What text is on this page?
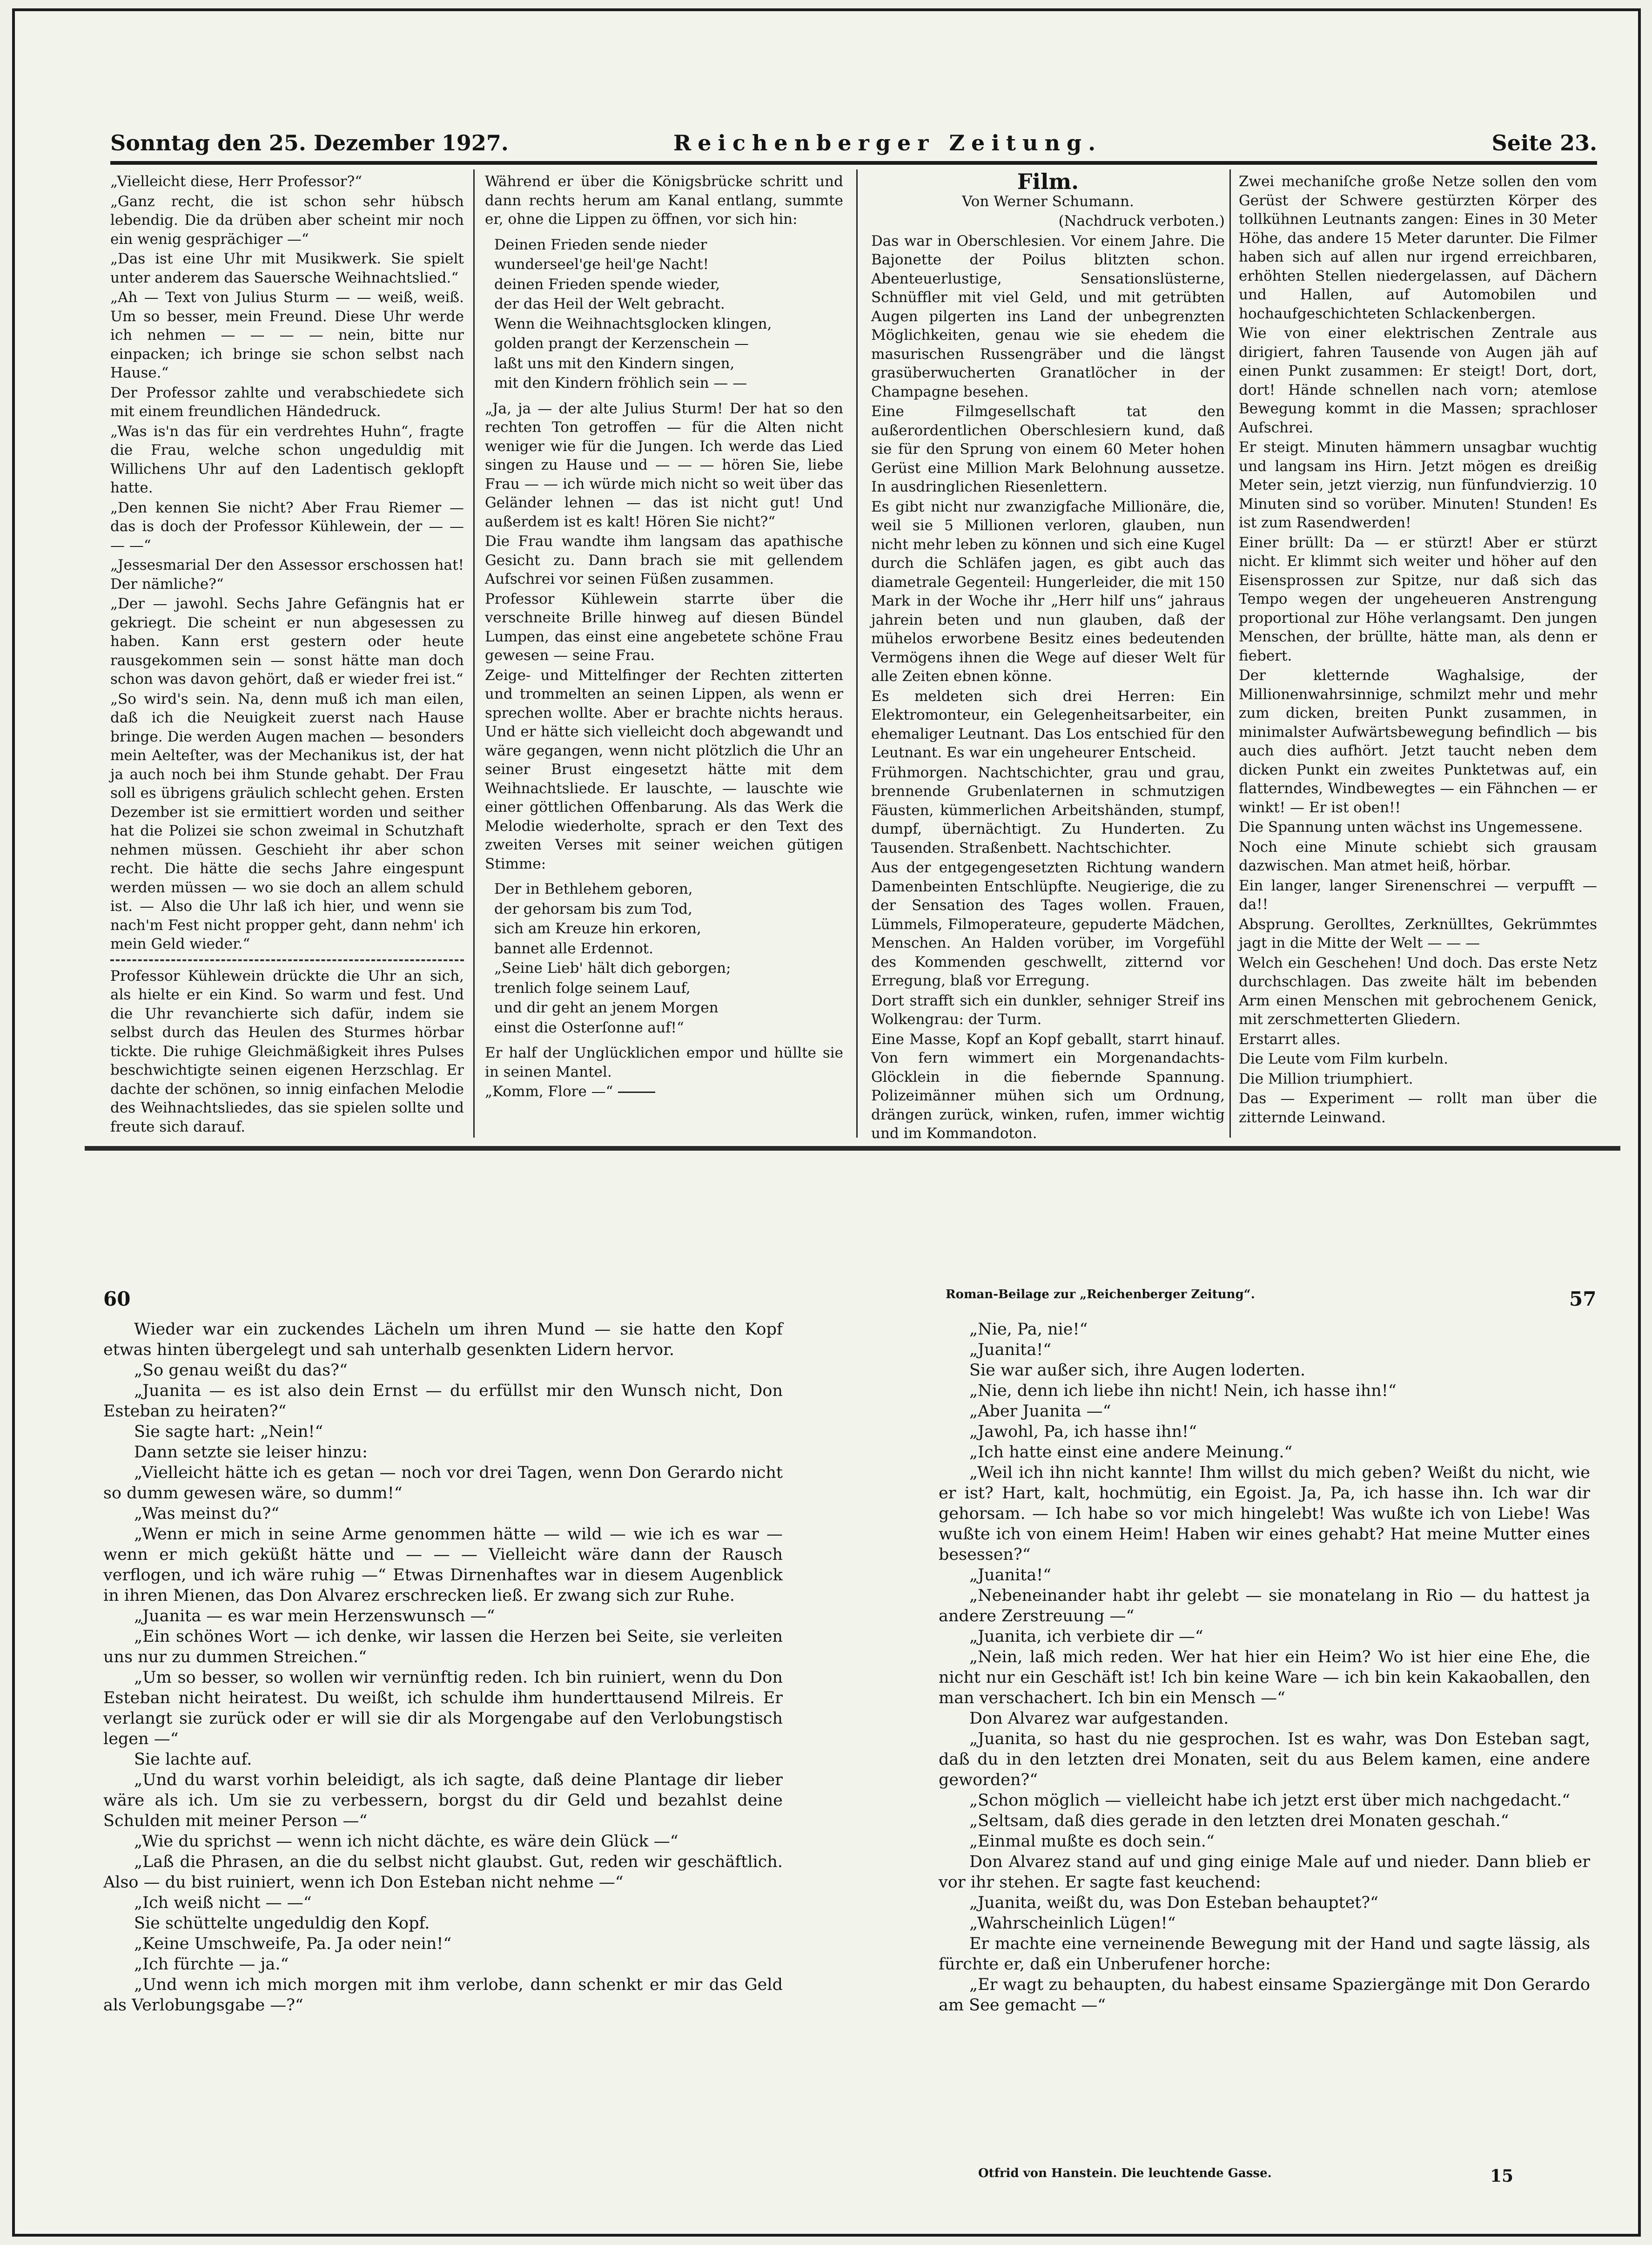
Sonntag den 25. Dezember 1927.	Reichenberger Zeitung.	Seite 23.

„Vielleicht diese, Herr Professor?“

„Ganz recht, die ist schon sehr hübsch lebendig. Die da drüben aber scheint mir noch ein wenig gesprächiger —“

„Das ist eine Uhr mit Musikwerk. Sie spielt unter anderem das Sauersche Weihnachtslied.“

„Ah — Text von Julius Sturm — — weiß, weiß. Um so besser, mein Freund. Diese Uhr werde ich nehmen — — — — nein, bitte nur einpacken; ich bringe sie schon selbst nach Hause.“

Der Professor zahlte und verabschiedete sich mit einem freundlichen Händedruck.

„Was is'n das für ein verdrehtes Huhn“, fragte die Frau, welche schon ungeduldig mit Willichens Uhr auf den Ladentisch geklopft hatte.

„Den kennen Sie nicht? Aber Frau Riemer — das is doch der Professor Kühlewein, der — — — —“

„Jessesmarial Der den Assessor erschossen hat! Der nämliche?“

„Der — jawohl. Sechs Jahre Gefängnis hat er gekriegt. Die scheint er nun abgesessen zu haben. Kann erst gestern oder heute rausgekommen sein — sonst hätte man doch schon was davon gehört, daß er wieder frei ist.“

„So wird's sein. Na, denn muß ich man eilen, daß ich die Neuigkeit zuerst nach Hause bringe. Die werden Augen machen — besonders mein Aelteſter, was der Mechanikus ist, der hat ja auch noch bei ihm Stunde gehabt. Der Frau soll es übrigens gräulich schlecht gehen. Ersten Dezember ist sie ermittiert worden und seither hat die Polizei sie schon zweimal in Schutzhaft nehmen müssen. Geschieht ihr aber schon recht. Die hätte die sechs Jahre eingespunt werden müssen — wo sie doch an allem schuld ist. — Also die Uhr laß ich hier, und wenn sie nach'm Fest nicht propper geht, dann nehm' ich mein Geld wieder.“

Professor Kühlewein drückte die Uhr an sich, als hielte er ein Kind. So warm und fest. Und die Uhr revanchierte sich dafür, indem sie selbst durch das Heulen des Sturmes hörbar tickte. Die ruhige Gleichmäßigkeit ihres Pulses beschwichtigte seinen eigenen Herzschlag. Er dachte der schönen, so innig einfachen Melodie des Weihnachtsliedes, das sie spielen sollte und freute sich darauf.

Während er über die Königsbrücke schritt und dann rechts herum am Kanal entlang, summte er, ohne die Lippen zu öffnen, vor sich hin:

Deinen Frieden sende nieder

wunderseel'ge heil'ge Nacht!

deinen Frieden spende wieder,

der das Heil der Welt gebracht.

Wenn die Weihnachtsglocken klingen,

golden prangt der Kerzenschein —

laßt uns mit den Kindern singen,

mit den Kindern fröhlich sein — —

„Ja, ja — der alte Julius Sturm! Der hat so den rechten Ton getroffen — für die Alten nicht weniger wie für die Jungen. Ich werde das Lied singen zu Hause und — — — hören Sie, liebe Frau — — ich würde mich nicht so weit über das Geländer lehnen — das ist nicht gut! Und außerdem ist es kalt! Hören Sie nicht?“

Die Frau wandte ihm langsam das apathische Gesicht zu. Dann brach sie mit gellendem Aufschrei vor seinen Füßen zusammen.

Professor Kühlewein starrte über die verschneite Brille hinweg auf diesen Bündel Lumpen, das einst eine angebetete schöne Frau gewesen — seine Frau.

Zeige- und Mittelfinger der Rechten zitterten und trommelten an seinen Lippen, als wenn er sprechen wollte. Aber er brachte nichts heraus. Und er hätte sich vielleicht doch abgewandt und wäre gegangen, wenn nicht plötzlich die Uhr an seiner Brust eingesetzt hätte mit dem Weihnachtsliede. Er lauschte, — lauschte wie einer göttlichen Offenbarung. Als das Werk die Melodie wiederholte, sprach er den Text des zweiten Verses mit seiner weichen gütigen Stimme:

Der in Bethlehem geboren,

der gehorsam bis zum Tod,

sich am Kreuze hin erkoren,

bannet alle Erdennot.

„Seine Lieb' hält dich geborgen;

trenlich folge seinem Lauf,

und dir geht an jenem Morgen

einst die Osterſonne auf!“

Er half der Unglücklichen empor und hüllte sie in seinen Mantel.

„Komm, Flore —“

Film.

Von Werner Schumann.

(Nachdruck verboten.)

Das war in Oberschlesien. Vor einem Jahre. Die Bajonette der Poilus blitzten schon. Abenteuerlustige, Sensationslüsterne, Schnüffler mit viel Geld, und mit getrübten Augen pilgerten ins Land der unbegrenzten Möglichkeiten, genau wie sie ehedem die masurischen Russengräber und die längst grasüberwucherten Granatlöcher in der Champagne besehen.

Eine Filmgesellschaft tat den außerordentlichen Oberschlesiern kund, daß sie für den Sprung von einem 60 Meter hohen Gerüst eine Million Mark Belohnung aussetze. In ausdringlichen Riesenlettern.

Es gibt nicht nur zwanzigfache Millionäre, die, weil sie 5 Millionen verloren, glauben, nun nicht mehr leben zu können und sich eine Kugel durch die Schläfen jagen, es gibt auch das diametrale Gegenteil: Hungerleider, die mit 150 Mark in der Woche ihr „Herr hilf uns“ jahraus jahrein beten und nun glauben, daß der mühelos erworbene Besitz eines bedeutenden Vermögens ihnen die Wege auf dieser Welt für alle Zeiten ebnen könne.

Es meldeten sich drei Herren: Ein Elektromonteur, ein Gelegenheitsarbeiter, ein ehemaliger Leutnant. Das Los entschied für den Leutnant. Es war ein ungeheurer Entscheid.

Frühmorgen. Nachtschichter, grau und grau, brennende Grubenlaternen in schmutzigen Fäusten, kümmerlichen Arbeitshänden, stumpf, dumpf, übernächtigt. Zu Hunderten. Zu Tausenden. Straßenbett. Nachtschichter.

Aus der entgegengesetzten Richtung wandern Damenbeinten Entschlüpfte. Neugierige, die zu der Sensation des Tages wollen. Frauen, Lümmels, Filmoperateure, gepuderte Mädchen, Menschen. An Halden vorüber, im Vorgefühl des Kommenden geschwellt, zitternd vor Erregung, blaß vor Erregung.

Dort strafft sich ein dunkler, sehniger Streif ins Wolkengrau: der Turm.

Eine Masse, Kopf an Kopf geballt, starrt hinauf. Von fern wimmert ein Morgenandachts-Glöcklein in die fiebernde Spannung. Polizeimänner mühen sich um Ordnung, drängen zurück, winken, rufen, immer wichtig und im Kommandoton.

Zwei mechaniſche große Netze sollen den vom Gerüst der Schwere gestürzten Körper des tollkühnen Leutnants zangen: Eines in 30 Meter Höhe, das andere 15 Meter darunter. Die Filmer haben sich auf allen nur irgend erreichbaren, erhöhten Stellen niedergelassen, auf Dächern und Hallen, auf Automobilen und hochaufgeschichteten Schlackenbergen.

Wie von einer elektrischen Zentrale aus dirigiert, fahren Tausende von Augen jäh auf einen Punkt zusammen: Er steigt! Dort, dort, dort! Hände schnellen nach vorn; atemlose Bewegung kommt in die Massen; sprachloser Aufschrei.

Er steigt. Minuten hämmern unsagbar wuchtig und langsam ins Hirn. Jetzt mögen es dreißig Meter sein, jetzt vierzig, nun fünfundvierzig. 10 Minuten sind so vorüber. Minuten! Stunden! Es ist zum Rasendwerden!

Einer brüllt: Da — er stürzt! Aber er stürzt nicht. Er klimmt sich weiter und höher auf den Eisensprossen zur Spitze, nur daß sich das Tempo wegen der ungeheueren Anstrengung proportional zur Höhe verlangsamt. Den jungen Menschen, der brüllte, hätte man, als denn er fiebert.

Der kletternde Waghalsige, der Millionenwahrsinnige, schmilzt mehr und mehr zum dicken, breiten Punkt zusammen, in minimalster Aufwärtsbewegung befindlich — bis auch dies aufhört. Jetzt taucht neben dem dicken Punkt ein zweites Punktetwas auf, ein flatterndes, Windbewegtes — ein Fähnchen — er winkt! — Er ist oben!!

Die Spannung unten wächst ins Ungemessene.

Noch eine Minute schiebt sich grausam dazwischen. Man atmet heiß, hörbar.

Ein langer, langer Sirenenschrei — verpufft — da!!

Absprung. Gerolltes, Zerknülltes, Gekrümmtes jagt in die Mitte der Welt — — —

Welch ein Geschehen! Und doch. Das erste Netz durchschlagen. Das zweite hält im bebenden Arm einen Menschen mit gebrochenem Genick, mit zerschmetterten Gliedern.

Erstarrt alles.

Die Leute vom Film kurbeln.

Die Million triumphiert.

Das — Experiment — rollt man über die zitternde Leinwand.

60	Roman-Beilage zur „Reichenberger Zeitung“.	57

Wieder war ein zuckendes Lächeln um ihren Mund — sie hatte den Kopf etwas hinten übergelegt und sah unterhalb gesenkten Lidern hervor.

„So genau weißt du das?“

„Juanita — es ist also dein Ernst — du erfüllst mir den Wunsch nicht, Don Esteban zu heiraten?“

Sie sagte hart: „Nein!“

Dann setzte sie leiser hinzu:

„Vielleicht hätte ich es getan — noch vor drei Tagen, wenn Don Gerardo nicht so dumm gewesen wäre, so dumm!“

„Was meinst du?“

„Wenn er mich in seine Arme genommen hätte — wild — wie ich es war — wenn er mich geküßt hätte und — — — Vielleicht wäre dann der Rausch verflogen, und ich wäre ruhig —“ Etwas Dirnenhaftes war in diesem Augenblick in ihren Mienen, das Don Alvarez erschrecken ließ. Er zwang sich zur Ruhe.

„Juanita — es war mein Herzenswunsch —“

„Ein schönes Wort — ich denke, wir lassen die Herzen bei Seite, sie verleiten uns nur zu dummen Streichen.“

„Um so besser, so wollen wir vernünftig reden. Ich bin ruiniert, wenn du Don Esteban nicht heiratest. Du weißt, ich schulde ihm hunderttausend Milreis. Er verlangt sie zurück oder er will sie dir als Morgengabe auf den Verlobungstisch legen —“

Sie lachte auf.

„Und du warst vorhin beleidigt, als ich sagte, daß deine Plantage dir lieber wäre als ich. Um sie zu verbessern, borgst du dir Geld und bezahlst deine Schulden mit meiner Person —“

„Wie du sprichst — wenn ich nicht dächte, es wäre dein Glück —“

„Laß die Phrasen, an die du selbst nicht glaubst. Gut, reden wir geschäftlich. Also — du bist ruiniert, wenn ich Don Esteban nicht nehme —“

„Ich weiß nicht — —“

Sie schüttelte ungeduldig den Kopf.

„Keine Umschweife, Pa. Ja oder nein!“

„Ich fürchte — ja.“

„Und wenn ich mich morgen mit ihm verlobe, dann schenkt er mir das Geld als Verlobungsgabe —?“

„Nie, Pa, nie!“

„Juanita!“

Sie war außer sich, ihre Augen loderten.

„Nie, denn ich liebe ihn nicht! Nein, ich hasse ihn!“

„Aber Juanita —“

„Jawohl, Pa, ich hasse ihn!“

„Ich hatte einst eine andere Meinung.“

„Weil ich ihn nicht kannte! Ihm willst du mich geben? Weißt du nicht, wie er ist? Hart, kalt, hochmütig, ein Egoist. Ja, Pa, ich hasse ihn. Ich war dir gehorsam. — Ich habe so vor mich hingelebt! Was wußte ich von Liebe! Was wußte ich von einem Heim! Haben wir eines gehabt? Hat meine Mutter eines besessen?“

„Juanita!“

„Nebeneinander habt ihr gelebt — sie monatelang in Rio — du hattest ja andere Zerstreuung —“

„Juanita, ich verbiete dir —“

„Nein, laß mich reden. Wer hat hier ein Heim? Wo ist hier eine Ehe, die nicht nur ein Geschäft ist! Ich bin keine Ware — ich bin kein Kakaoballen, den man verschachert. Ich bin ein Mensch —“

Don Alvarez war aufgestanden.

„Juanita, so hast du nie gesprochen. Ist es wahr, was Don Esteban sagt, daß du in den letzten drei Monaten, seit du aus Belem kamen, eine andere geworden?“

„Schon möglich — vielleicht habe ich jetzt erst über mich nachgedacht.“

„Seltsam, daß dies gerade in den letzten drei Monaten geschah.“

„Einmal mußte es doch sein.“

Don Alvarez stand auf und ging einige Male auf und nieder. Dann blieb er vor ihr stehen. Er sagte fast keuchend:

„Juanita, weißt du, was Don Esteban behauptet?“

„Wahrscheinlich Lügen!“

Er machte eine verneinende Bewegung mit der Hand und sagte lässig, als fürchte er, daß ein Unberufener horche:

„Er wagt zu behaupten, du habest einsame Spaziergänge mit Don Gerardo am See gemacht —“

Otfrid von Hanstein. Die leuchtende Gasse.	15
